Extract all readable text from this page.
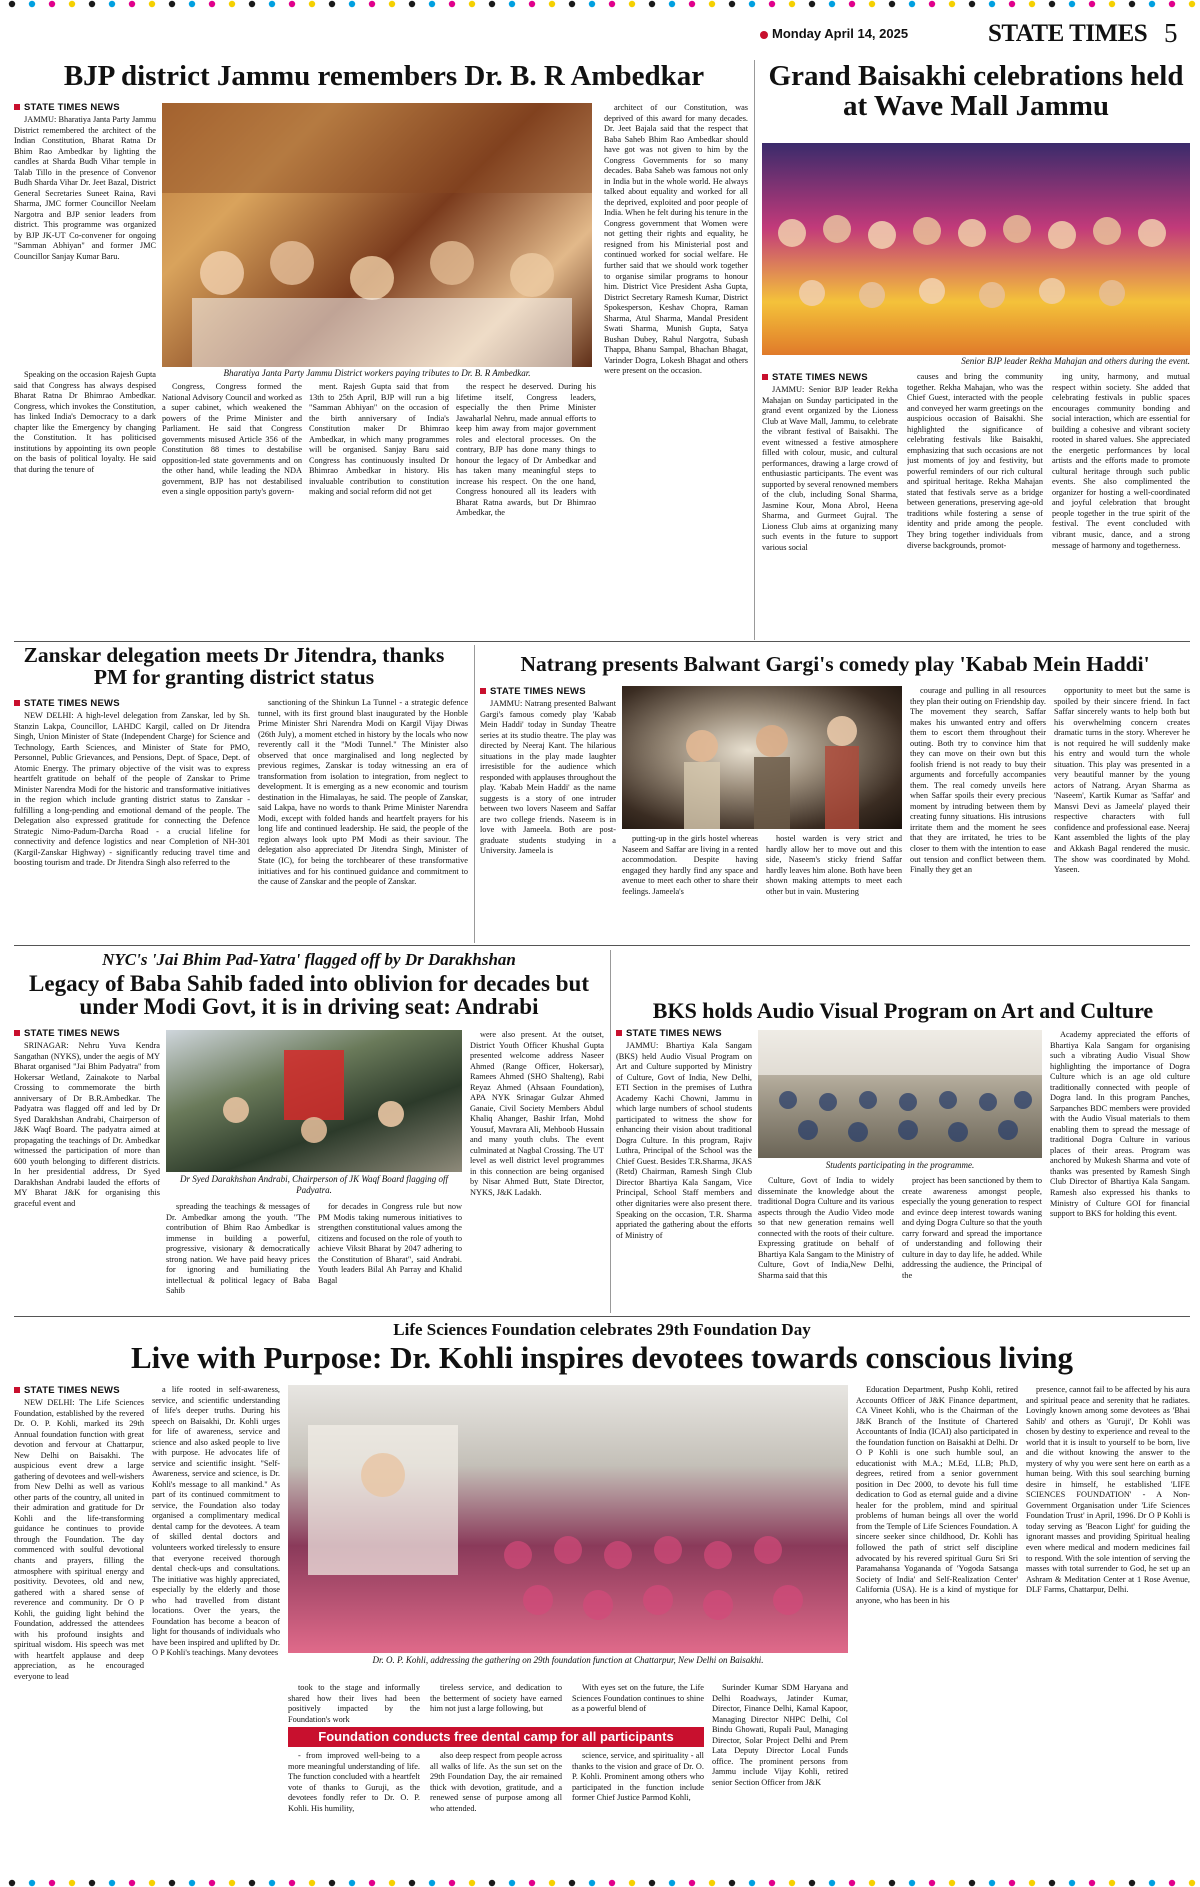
Monday April 14, 2025	STATE TIMES 5
BJP district Jammu remembers Dr. B. R Ambedkar
STATE TIMES NEWS

JAMMU: Bharatiya Janta Party Jammu District remembered the architect of the Indian Constitution, Bharat Ratna Dr Bhim Rao Ambedkar by lighting the candles at Sharda Budh Vihar temple in Talab Tillo in the presence of Convenor Budh Sharda Vihar Dr. Jeet Bazal, District General Secretaries Suneet Raina, Ravi Sharma, JMC former Councillor Neelam Nargotra and BJP senior leaders from district. This programme was organized by BJP JK-UT Co-convener for ongoing "Samman Abhiyan" and former JMC Councillor Sanjay Kumar Baru.

Bharatiya Janta Party Jammu District workers paying tributes to Dr. B. R Ambedkar.

Speaking on the occasion Rajesh Gupta said that Congress has always despised Bharat Ratna Dr Bhimrao Ambedkar. Congress, which invokes the Constitution, has linked India's Democracy to a dark chapter like the Emergency by changing the Constitution. It has politicised institutions by appointing its own people on the basis of political loyalty. He said that during the tenure of

Congress, Congress formed the National Advisory Council and worked as a super cabinet, which weakened the powers of the Prime Minister and Parliament. He said that Congress governments misused Article 356 of the Constitution 88 times to destabilise opposition-led state governments and on the other hand, while leading the NDA government, BJP has not destabilised even a single opposition party's govern-

ment. Rajesh Gupta said that from 13th to 25th April, BJP will run a big "Samman Abhiyan" on the occasion of the birth anniversary of India's Constitution maker Dr Bhimrao Ambedkar, in which many programmes will be organised. Sanjay Baru said Congress has continuously insulted Dr Bhimrao Ambedkar in history. His invaluable contribution to constitution making and social reform did not get

the respect he deserved. During his lifetime itself, Congress leaders, especially the then Prime Minister Jawaharlal Nehru, made annual efforts to keep him away from major government roles and electoral processes. On the contrary, BJP has done many things to honour the legacy of Dr Ambedkar and has taken many meaningful steps to increase his respect. On the one hand, Congress honoured all its leaders with Bharat Ratna awards, but Dr Bhimrao Ambedkar, the

architect of our Constitution, was deprived of this award for many decades. Dr. Jeet Bajala said that the respect that Baba Saheb Bhim Rao Ambedkar should have got was not given to him by the Congress Governments for so many decades. Baba Saheb was famous not only in India but in the whole world. He always talked about equality and worked for all the deprived, exploited and poor people of India. When he felt during his tenure in the Congress government that Women were not getting their rights and equality, he resigned from his Ministerial post and continued worked for social welfare. He further said that we should work together to organise similar programs to honour him. District Vice President Asha Gupta, District Secretary Ramesh Kumar, District Spokesperson, Keshav Chopra, Raman Sharma, Atul Sharma, Mandal President Swati Sharma, Munish Gupta, Satya Bushan Dubey, Rahul Nargotra, Subash Thappa, Bhanu Sampal, Bhachan Bhagat, Varinder Dogra, Lokesh Bhagat and others were present on the occasion.

Grand Baisakhi celebrations held at Wave Mall Jammu
Senior BJP leader Rekha Mahajan and others during the event.
STATE TIMES NEWS

JAMMU: Senior BJP leader Rekha Mahajan on Sunday participated in the grand event organized by the Lioness Club at Wave Mall, Jammu, to celebrate the vibrant festival of Baisakhi. The event witnessed a festive atmosphere filled with colour, music, and cultural performances, drawing a large crowd of enthusiastic participants. The event was supported by several renowned members of the club, including Sonal Sharma, Jasmine Kour, Mona Abrol, Heena Sharma, and Gurmeet Gujral. The Lioness Club aims at organizing many such events in the future to support various social

causes and bring the community together. Rekha Mahajan, who was the Chief Guest, interacted with the people and conveyed her warm greetings on the auspicious occasion of Baisakhi. She highlighted the significance of celebrating festivals like Baisakhi, emphasizing that such occasions are not just moments of joy and festivity, but powerful reminders of our rich cultural and spiritual heritage. Rekha Mahajan stated that festivals serve as a bridge between generations, preserving age-old traditions while fostering a sense of identity and pride among the people. They bring together individuals from diverse backgrounds, promot-

ing unity, harmony, and mutual respect within society. She added that celebrating festivals in public spaces encourages community bonding and social interaction, which are essential for building a cohesive and vibrant society rooted in shared values. She appreciated the energetic performances by local artists and the efforts made to promote cultural heritage through such public events. She also complimented the organizer for hosting a well-coordinated and joyful celebration that brought people together in the true spirit of the festival. The event concluded with vibrant music, dance, and a strong message of harmony and togetherness.

Zanskar delegation meets Dr Jitendra, thanks PM for granting district status
STATE TIMES NEWS

NEW DELHI: A high-level delegation from Zanskar, led by Sh. Stanzin Lakpa, Councillor, LAHDC Kargil, called on Dr Jitendra Singh, Union Minister of State (Independent Charge) for Science and Technology, Earth Sciences, and Minister of State for PMO, Personnel, Public Grievances, and Pensions, Dept. of Space, Dept. of Atomic Energy. The primary objective of the visit was to express heartfelt gratitude on behalf of the people of Zanskar to Prime Minister Narendra Modi for the historic and transformative initiatives in the region which include granting district status to Zanskar - fulfilling a long-pending and emotional demand of the people. The Delegation also expressed gratitude for connecting the Defence Strategic Nimo-Padum-Darcha Road - a crucial lifeline for connectivity and defence logistics and near Completion of NH-301 (Kargil-Zanskar Highway) - significantly reducing travel time and boosting tourism and trade. Dr Jitendra Singh also referred to the

sanctioning of the Shinkun La Tunnel - a strategic defence tunnel, with its first ground blast inaugurated by the Honble Prime Minister Shri Narendra Modi on Kargil Vijay Diwas (26th July), a moment etched in history by the locals who now reverently call it the "Modi Tunnel." The Minister also observed that once marginalised and long neglected by previous regimes, Zanskar is today witnessing an era of transformation from isolation to integration, from neglect to development. It is emerging as a new economic and tourism destination in the Himalayas, he said. The people of Zanskar, said Lakpa, have no words to thank Prime Minister Narendra Modi, except with folded hands and heartfelt prayers for his long life and continued leadership. He said, the people of the region always look upto PM Modi as their saviour. The delegation also appreciated Dr Jitendra Singh, Minister of State (IC), for being the torchbearer of these transformative initiatives and for his continued guidance and commitment to the cause of Zanskar and the people of Zanskar.

Natrang presents Balwant Gargi's comedy play 'Kabab Mein Haddi'
STATE TIMES NEWS

JAMMU: Natrang presented Balwant Gargi's famous comedy play 'Kabab Mein Haddi' today in Sunday Theatre series at its studio theatre. The play was directed by Neeraj Kant. The hilarious situations in the play made laughter irresistible for the audience which responded with applauses throughout the play. 'Kabab Mein Haddi' as the name suggests is a story of one intruder between two lovers Naseem and Saffar are two college friends. Naseem is in love with Jameela. Both are post-graduate students studying in a University. Jameela is

putting-up in the girls hostel whereas Naseem and Saffar are living in a rented accommodation. Despite having engaged they hardly find any space and avenue to meet each other to share their feelings. Jameela's

hostel warden is very strict and hardly allow her to move out and this side, Naseem's sticky friend Saffar hardly leaves him alone. Both have been shown making attempts to meet each other but in vain. Mustering

courage and pulling in all resources they plan their outing on Friendship day. The movement they search, Saffar makes his unwanted entry and offers them to escort them throughout their outing. Both try to convince him that they can move on their own but this foolish friend is not ready to buy their arguments and forcefully accompanies them. The real comedy unveils here when Saffar spoils their every precious moment by intruding between them by creating funny situations. His intrusions irritate them and the moment he sees that they are irritated, he tries to be closer to them with the intention to ease out tension and conflict between them. Finally they get an

opportunity to meet but the same is spoiled by their sincere friend. In fact Saffar sincerely wants to help both but his overwhelming concern creates dramatic turns in the story. Wherever he is not required he will suddenly make his entry and would turn the whole situation. This play was presented in a very beautiful manner by the young actors of Natrang. Aryan Sharma as 'Naseem', Kartik Kumar as 'Saffar' and Mansvi Devi as Jameela' played their respective characters with full confidence and professional ease. Neeraj Kant assembled the lights of the play and Akkash Bagal rendered the music. The show was coordinated by Mohd. Yaseen.

NYC's 'Jai Bhim Pad-Yatra' flagged off by Dr Darakhshan
Legacy of Baba Sahib faded into oblivion for decades but under Modi Govt, it is in driving seat: Andrabi
STATE TIMES NEWS

SRINAGAR: Nehru Yuva Kendra Sangathan (NYKS), under the aegis of MY Bharat organised "Jai Bhim Padyatra" from Hokersar Wetland, Zainakote to Narbal Crossing to commemorate the birth anniversary of Dr B.R.Ambedkar. The Padyatra was flagged off and led by Dr Syed Darakhshan Andrabi, Chairperson of J&K Waqf Board. The padyatra aimed at propagating the teachings of Dr. Ambedkar witnessed the participation of more than 600 youth belonging to different districts. In her presidential address, Dr Syed Darakhshan Andrabi lauded the efforts of MY Bharat J&K for organising this graceful event and

Dr Syed Darakhshan Andrabi, Chairperson of JK Waqf Board flagging off Padyatra.

spreading the teachings & messages of Dr. Ambedkar among the youth. "The contribution of Bhim Rao Ambedkar is immense in building a powerful, progressive, visionary & democratically strong nation. We have paid heavy prices for ignoring and humiliating the intellectual & political legacy of Baba Sahib

for decades in Congress rule but now PM Modis taking numerous initiatives to strengthen constitutional values among the citizens and focused on the role of youth to achieve Viksit Bharat by 2047 adhering to the Constitution of Bharat", said Andrabi. Youth leaders Bilal Ah Parray and Khalid Bagal

were also present. At the outset, District Youth Officer Khushal Gupta presented welcome address Naseer Ahmed (Range Officer, Hokersar), Ramees Ahmed (SHO Shalteng), Rabi Reyaz Ahmed (Ahsaan Foundation), APA NYK Srinagar Gulzar Ahmed Ganaie, Civil Society Members Abdul Khaliq Ahanger, Bashir Irfan, Mohd Yousuf, Mavrara Ali, Mehboob Hussain and many youth clubs. The event culminated at Nagbal Crossing. The UT level as well district level programmes in this connection are being organised by Nisar Ahmed Butt, State Director, NYKS, J&K Ladakh.

BKS holds Audio Visual Program on Art and Culture
STATE TIMES NEWS

JAMMU: Bhartiya Kala Sangam (BKS) held Audio Visual Program on Art and Culture supported by Ministry of Culture, Govt of India, New Delhi, ETI Section in the premises of Luthra Academy Kachi Chowni, Jammu in which large numbers of school students participated to witness the show for enhancing their vision about traditional Dogra Culture. In this program, Rajiv Luthra, Principal of the School was the Chief Guest. Besides T.R.Sharma, JKAS (Retd) Chairman, Ramesh Singh Club Director Bhartiya Kala Sangam, Vice Principal, School Staff members and other dignitaries were also present there. Speaking on the occasion, T.R. Sharma appriated the gathering about the efforts of Ministry of

Students participating in the programme.

Culture, Govt of India to widely disseminate the knowledge about the traditional Dogra Culture and its various aspects through the Audio Video mode so that new generation remains well connected with the roots of their culture. Expressing gratitude on behalf of Bhartiya Kala Sangam to the Ministry of Culture, Govt of India,New Delhi, Sharma said that this

project has been sanctioned by them to create awareness amongst people, especially the young generation to respect and evince deep interest towards waning and dying Dogra Culture so that the youth carry forward and spread the importance of understanding and following their culture in day to day life, he added. While addressing the audience, the Principal of the

Academy appreciated the efforts of Bhartiya Kala Sangam for organising such a vibrating Audio Visual Show highlighting the importance of Dogra Culture which is an age old culture traditionally connected with people of Dogra land. In this program Panches, Sarpanches BDC members were provided with the Audio Visual materials to them enabling them to spread the message of traditional Dogra Culture in various places of their areas. Program was anchored by Mukesh Sharma and vote of thanks was presented by Ramesh Singh Club Director of Bhartiya Kala Sangam. Ramesh also expressed his thanks to Ministry of Culture GOI for financial support to BKS for holding this event.

Life Sciences Foundation celebrates 29th Foundation Day
Live with Purpose: Dr. Kohli inspires devotees towards conscious living
STATE TIMES NEWS

NEW DELHI: The Life Sciences Foundation, established by the revered Dr. O. P. Kohli, marked its 29th Annual foundation function with great devotion and fervour at Chattarpur, New Delhi on Baisakhi. The auspicious event drew a large gathering of devotees and well-wishers from New Delhi as well as various other parts of the country, all united in their admiration and gratitude for Dr Kohli and the life-transforming guidance he continues to provide through the Foundation. The day commenced with soulful devotional chants and prayers, filling the atmosphere with spiritual energy and positivity. Devotees, old and new, gathered with a shared sense of reverence and community. Dr O P Kohli, the guiding light behind the Foundation, addressed the attendees with his profound insights and spiritual wisdom. His speech was met with heartfelt applause and deep appreciation, as he encouraged everyone to lead

a life rooted in self-awareness, service, and scientific understanding of life's deeper truths. During his speech on Baisakhi, Dr. Kohli urges for life of awareness, service and science and also asked people to live with purpose. He advocates life of service and scientific insight. "Self-Awareness, service and science, is Dr. Kohli's message to all mankind." As part of its continued commitment to service, the Foundation also today organised a complimentary medical dental camp for the devotees. A team of skilled dental doctors and volunteers worked tirelessly to ensure that everyone received thorough dental check-ups and consultations. The initiative was highly appreciated, especially by the elderly and those who had travelled from distant locations. Over the years, the Foundation has become a beacon of light for thousands of individuals who have been inspired and uplifted by Dr. O P Kohli's teachings. Many devotees

Dr. O. P. Kohli, addressing the gathering on 29th foundation function at Chattarpur, New Delhi on Baisakhi.

took to the stage and informally shared how their lives had been positively impacted by the Foundation's work

tireless service, and dedication to the betterment of society have earned him not just a large following, but

With eyes set on the future, the Life Sciences Foundation continues to shine as a powerful blend of

Foundation conducts free dental camp for all participants

- from improved well-being to a more meaningful understanding of life. The function concluded with a heartfelt vote of thanks to Guruji, as the devotees fondly refer to Dr. O. P. Kohli. His humility,

also deep respect from people across all walks of life. As the sun set on the 29th Foundation Day, the air remained thick with devotion, gratitude, and a renewed sense of purpose among all who attended.

science, service, and spirituality - all thanks to the vision and grace of Dr. O. P. Kohli. Prominent among others who participated in the function include former Chief Justice Parmod Kohli,

Surinder Kumar SDM Haryana and Delhi Roadways, Jatinder Kumar, Director, Finance Delhi, Kamal Kapoor, Managing Director NHPC Delhi, Col Bindu Ghowati, Rupali Paul, Managing Director, Solar Project Delhi and Prem Lata Deputy Director Local Funds office. The prominent persons from Jammu include Vijay Kohli, retired senior Section Officer from J&K

Education Department, Pushp Kohli, retired Accounts Officer of J&K Finance department, CA Vineet Kohli, who is the Chairman of the J&K Branch of the Institute of Chartered Accountants of India (ICAI) also participated in the foundation function on Baisakhi at Delhi. Dr O P Kohli is one such humble soul, an educationist with M.A.; M.Ed, LLB; Ph.D, degrees, retired from a senior government position in Dec 2000, to devote his full time dedication to God as eternal guide and a divine healer for the problem, mind and spiritual problems of human beings all over the world from the Temple of Life Sciences Foundation. A sincere seeker since childhood, Dr. Kohli has followed the path of strict self discipline advocated by his revered spiritual Guru Sri Sri Paramahansa Yogananda of 'Yogoda Satsanga Society of India' and Self-Realization Center' California (USA). He is a kind of mystique for anyone, who has been in his

presence, cannot fail to be affected by his aura and spiritual peace and serenity that he radiates. Lovingly known among some devotees as 'Bhai Sahib' and others as 'Guruji', Dr Kohli was chosen by destiny to experience and reveal to the world that it is insult to yourself to be born, live and die without knowing the answer to the mystery of why you were sent here on earth as a human being. With this soul searching burning desire in himself, he established 'LIFE SCIENCES FOUNDATION' - A Non-Government Organisation under 'Life Sciences Foundation Trust' in April, 1996. Dr O P Kohli is today serving as 'Beacon Light' for guiding the ignorant masses and providing Spiritual healing even where medical and modern medicines fail to respond. With the sole intention of serving the masses with total surrender to God, he set up an Ashram & Meditation Center at 1 Rose Avenue, DLF Farms, Chattarpur, Delhi.
